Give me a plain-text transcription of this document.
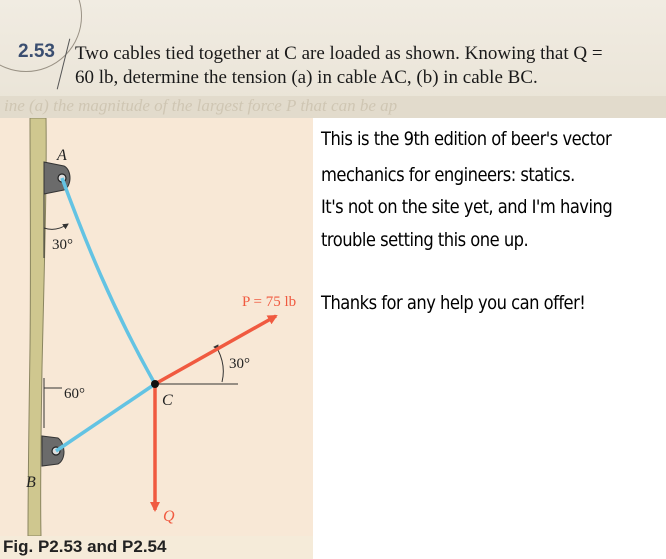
ine (a) the magnitude of the largest force P that can be ap
2.53 Two cables tied together at C are loaded as shown. Knowing that Q =
60 lb, determine the tension (a) in cable AC, (b) in cable BC.
A
30°
P = 75 lb
30°
60°	C
B
Q
Fig. P2.53 and P2.54
This is the 9th edition of beer's vector
mechanics for engineers: statics.
It's not on the site yet, and I'm having
trouble setting this one up.
Thanks for any help you can offer!
